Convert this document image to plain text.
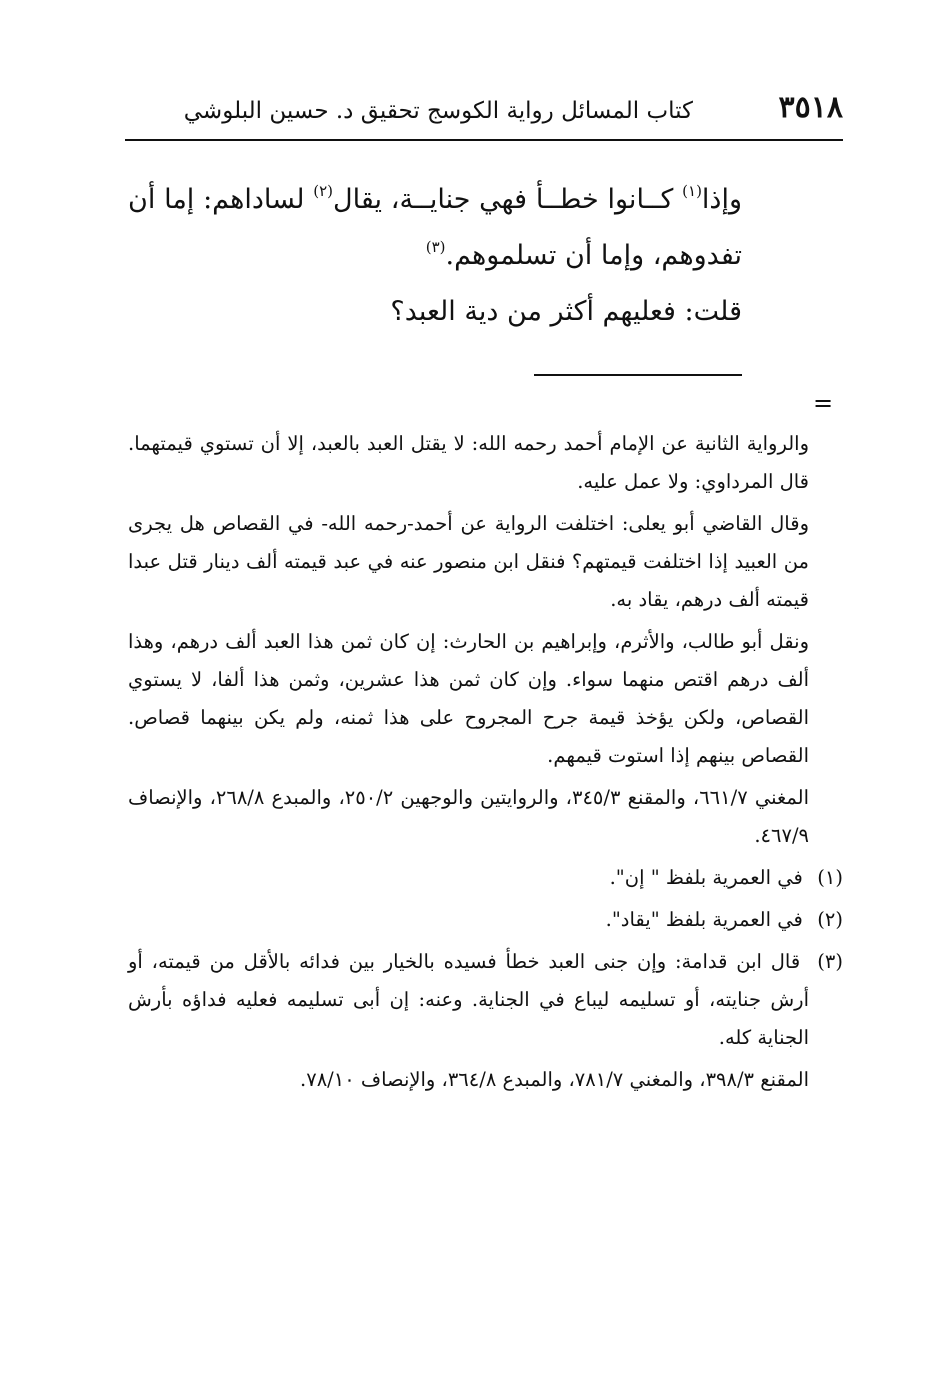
٣٥١٨
كتاب المسائل رواية الكوسج تحقيق د. حسين البلوشي

وإذا$^{(١)}$ كــانوا خطــأ فهي جنايــة، يقال$^{(٢)}$ لساداهم: إما أن تفدوهم، وإما أن تسلموهم.$^{(٣)}$

قلت: فعليهم أكثر من دية العبد؟

=

والرواية الثانية عن الإمام أحمد رحمه الله: لا يقتل العبد بالعبد، إلا أن تستوي قيمتهما. قال المرداوي: ولا عمل عليه.

وقال القاضي أبو يعلى: اختلفت الرواية عن أحمد-رحمه الله- في القصاص هل يجرى من العبيد إذا اختلفت قيمتهم؟ فنقل ابن منصور عنه في عبد قيمته ألف دينار قتل عبدا قيمته ألف درهم، يقاد به.

ونقل أبو طالب، والأثرم، وإبراهيم بن الحارث: إن كان ثمن هذا العبد ألف درهم، وهذا ألف درهم اقتص منهما سواء. وإن كان ثمن هذا عشرين، وثمن هذا ألفا، لا يستوي القصاص، ولكن يؤخذ قيمة جرح المجروح على هذا ثمنه، ولم يكن بينهما قصاص. القصاص بينهم إذا استوت قيمهم.

المغني ٦٦١/٧، والمقنع ٣٤٥/٣، والروايتين والوجهين ٢٥٠/٢، والمبدع ٢٦٨/٨، والإنصاف ٤٦٧/٩.

(١) في العمرية بلفظ " إن".

(٢) في العمرية بلفظ "يقاد".

(٣) قال ابن قدامة: وإن جنى العبد خطأ فسيده بالخيار بين فدائه بالأقل من قيمته، أو أرش جنايته، أو تسليمه ليباع في الجناية. وعنه: إن أبى تسليمه فعليه فداؤه بأرش الجناية كله.

المقنع ٣٩٨/٣، والمغني ٧٨١/٧، والمبدع ٣٦٤/٨، والإنصاف ٧٨/١٠.
